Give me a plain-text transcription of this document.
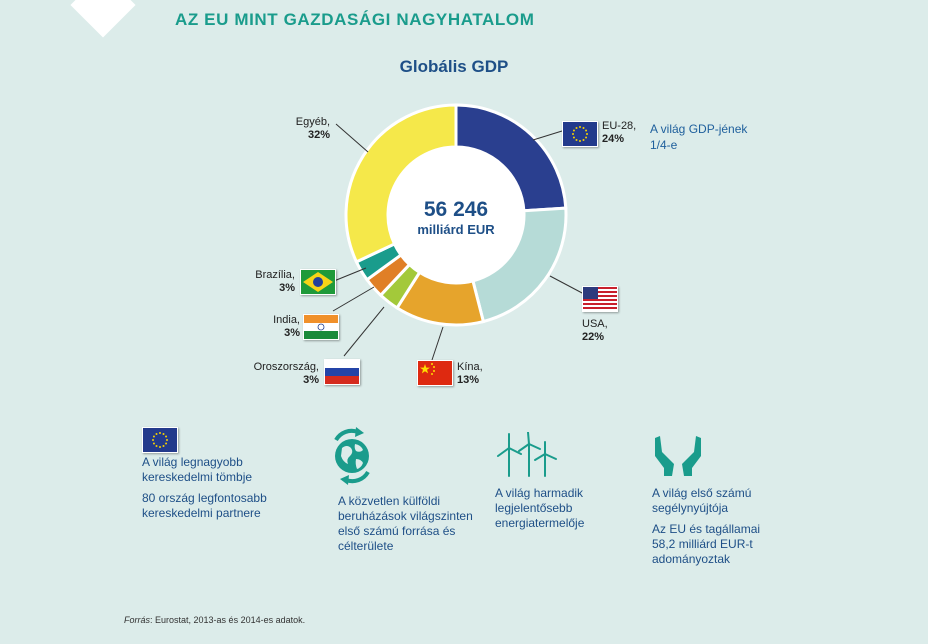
AZ EU MINT GAZDASÁGI NAGYHATALOM
Globális GDP
56 246
milliárd EUR
EU-28,
24%
A világ GDP-jének
1/4-e
USA,
22%
Kína,
13%
Oroszország,
3%
India,
3%
Brazília,
3%
Egyéb,
32%

A világ legnagyobb kereskedelmi tömbje

80 ország legfontosabb kereskedelmi partnere

A közvetlen külföldi beruházások világszinten első számú forrása és célterülete

A világ harmadik legjelentősebb energiatermelője

A világ első számú segélynyújtója

Az EU és tagállamai 58,2 milliárd EUR-t adományoztak

Forrás: Eurostat, 2013-as és 2014-es adatok.
